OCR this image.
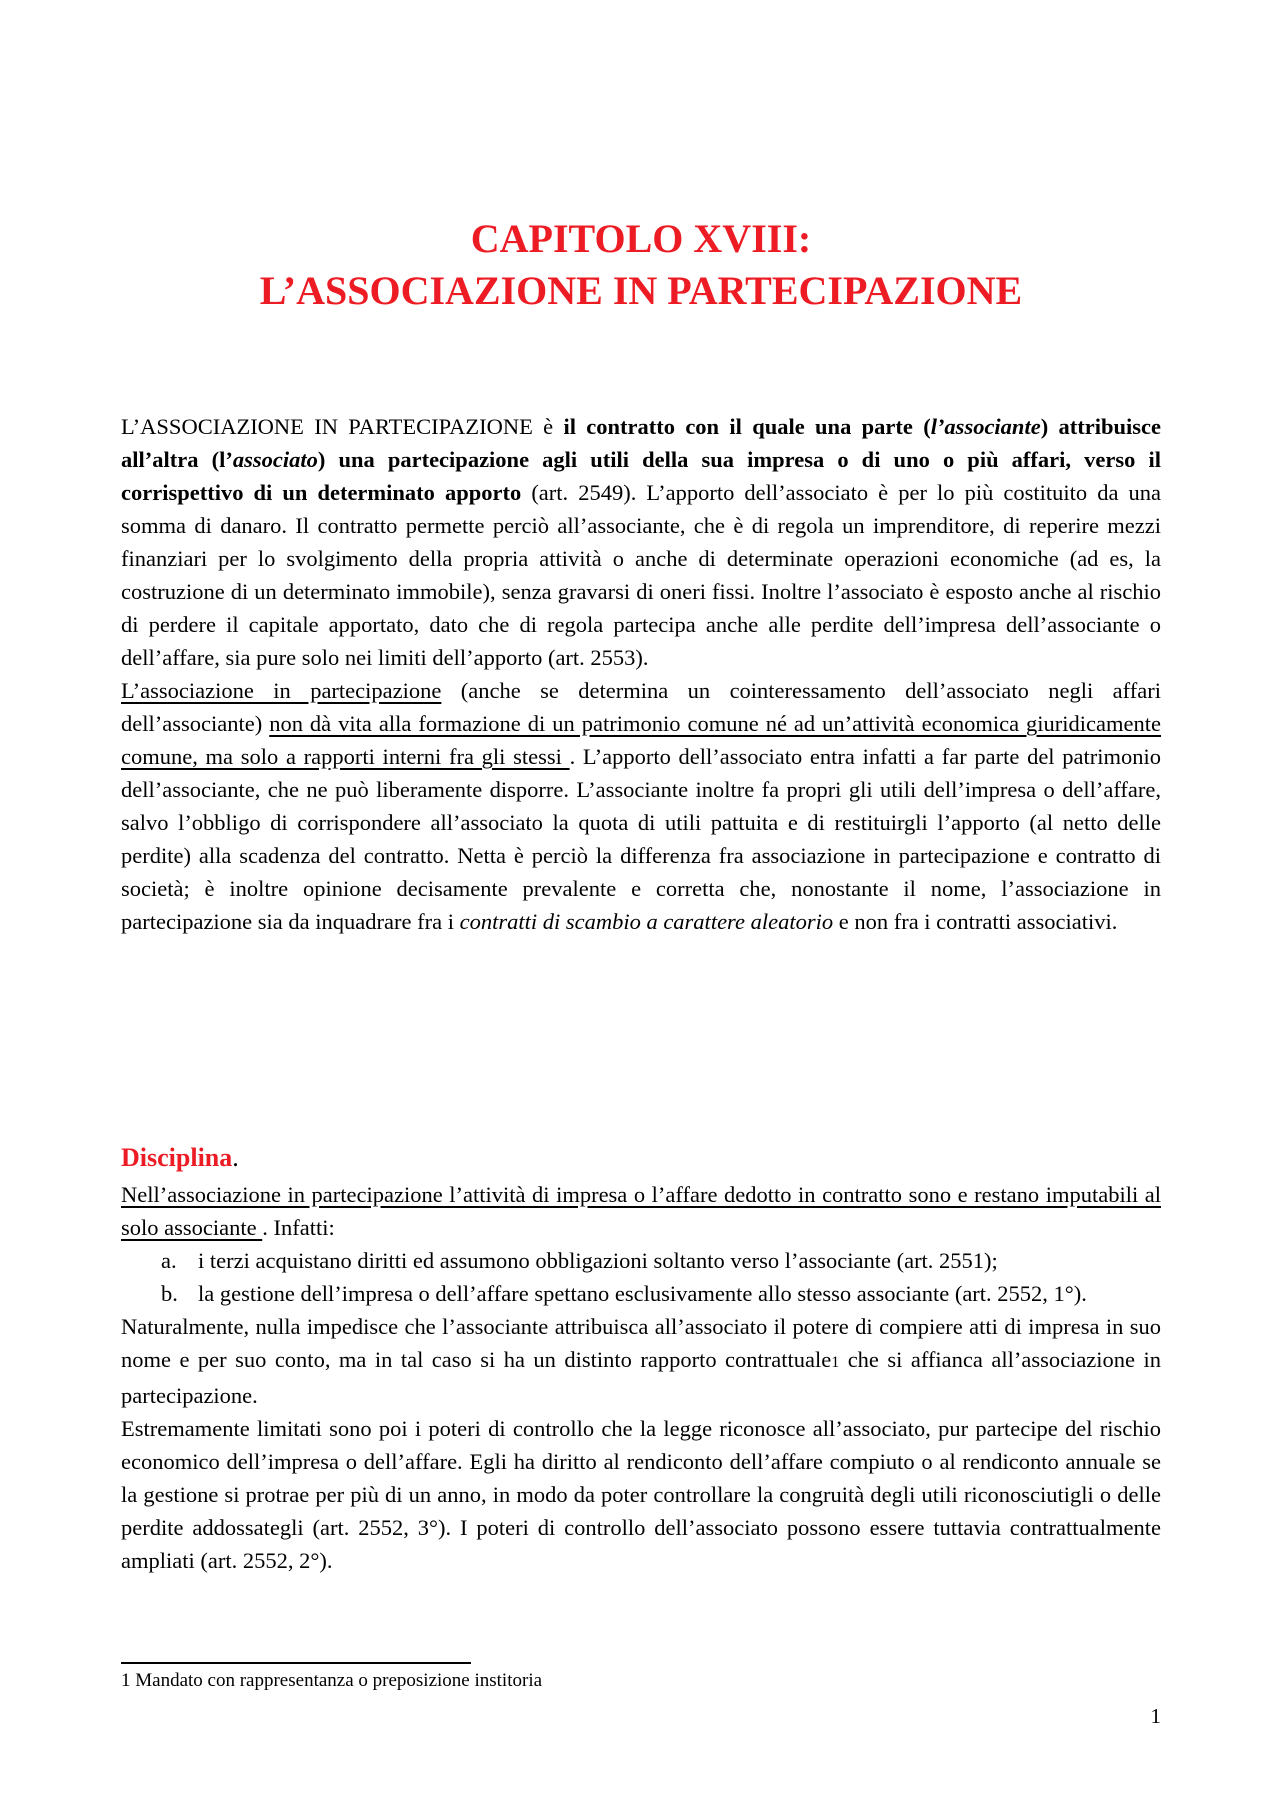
CAPITOLO XVIII:
L’ASSOCIAZIONE IN PARTECIPAZIONE

L’ASSOCIAZIONE IN PARTECIPAZIONE è il contratto con il quale una parte (l’associante) attribuisce all’altra (l’associato) una partecipazione agli utili della sua impresa o di uno o più affari, verso il corrispettivo di un determinato apporto (art. 2549). L’apporto dell’associato è per lo più costituito da una somma di danaro. Il contratto permette perciò all’associante, che è di regola un imprenditore, di reperire mezzi finanziari per lo svolgimento della propria attività o anche di determinate operazioni economiche (ad es, la costruzione di un determinato immobile), senza gravarsi di oneri fissi. Inoltre l’associato è esposto anche al rischio di perdere il capitale apportato, dato che di regola partecipa anche alle perdite dell’impresa dell’associante o dell’affare, sia pure solo nei limiti dell’apporto (art. 2553).

L’associazione in partecipazione (anche se determina un cointeressamento dell’associato negli affari dell’associante) non dà vita alla formazione di un patrimonio comune né ad un’attività economica giuridicamente comune, ma solo a rapporti interni fra gli stessi . L’apporto dell’associato entra infatti a far parte del patrimonio dell’associante, che ne può liberamente disporre. L’associante inoltre fa propri gli utili dell’impresa o dell’affare, salvo l’obbligo di corrispondere all’associato la quota di utili pattuita e di restituirgli l’apporto (al netto delle perdite) alla scadenza del contratto. Netta è perciò la differenza fra associazione in partecipazione e contratto di società; è inoltre opinione decisamente prevalente e corretta che, nonostante il nome, l’associazione in partecipazione sia da inquadrare fra i contratti di scambio a carattere aleatorio e non fra i contratti associativi.

Disciplina.

Nell’associazione in partecipazione l’attività di impresa o l’affare dedotto in contratto sono e restano imputabili al solo associante . Infatti:

a. i terzi acquistano diritti ed assumono obbligazioni soltanto verso l’associante (art. 2551);
b. la gestione dell’impresa o dell’affare spettano esclusivamente allo stesso associante (art. 2552, 1°).

Naturalmente, nulla impedisce che l’associante attribuisca all’associato il potere di compiere atti di impresa in suo nome e per suo conto, ma in tal caso si ha un distinto rapporto contrattuale1 che si affianca all’associazione in partecipazione.

Estremamente limitati sono poi i poteri di controllo che la legge riconosce all’associato, pur partecipe del rischio economico dell’impresa o dell’affare. Egli ha diritto al rendiconto dell’affare compiuto o al rendiconto annuale se la gestione si protrae per più di un anno, in modo da poter controllare la congruità degli utili riconosciutigli o delle perdite addossategli (art. 2552, 3°). I poteri di controllo dell’associato possono essere tuttavia contrattualmente ampliati (art. 2552, 2°).

1 Mandato con rappresentanza o preposizione institoria
1
